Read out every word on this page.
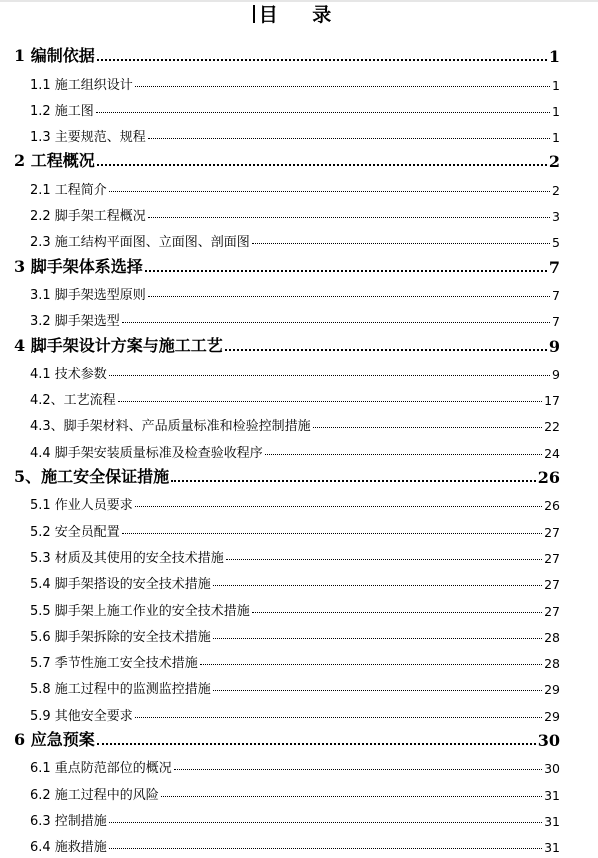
目 录
1 编制依据	1
1.1 施工组织设计	1
1.2 施工图	1
1.3 主要规范、规程	1
2 工程概况	2
2.1 工程简介	2
2.2 脚手架工程概况	3
2.3 施工结构平面图、立面图、剖面图	5
3 脚手架体系选择	7
3.1 脚手架选型原则	7
3.2 脚手架选型	7
4 脚手架设计方案与施工工艺	9
4.1 技术参数	9
4.2、工艺流程	17
4.3、脚手架材料、产品质量标准和检验控制措施	22
4.4 脚手架安装质量标准及检查验收程序	24
5、施工安全保证措施	26
5.1 作业人员要求	26
5.2 安全员配置	27
5.3 材质及其使用的安全技术措施	27
5.4 脚手架搭设的安全技术措施	27
5.5 脚手架上施工作业的安全技术措施	27
5.6 脚手架拆除的安全技术措施	28
5.7 季节性施工安全技术措施	28
5.8 施工过程中的监测监控措施	29
5.9 其他安全要求	29
6 应急预案	30
6.1 重点防范部位的概况	30
6.2 施工过程中的风险	31
6.3 控制措施	31
6.4 施救措施	31
